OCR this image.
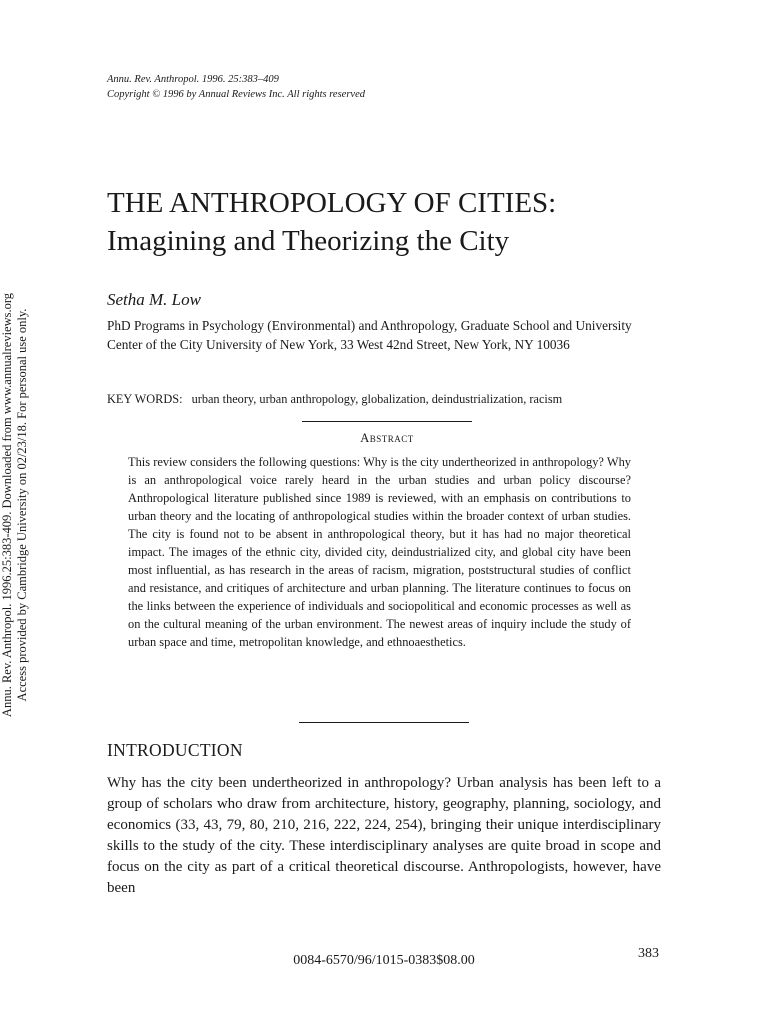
Annu. Rev. Anthropol. 1996.25:383-409. Downloaded from www.annualreviews.org Access provided by Cambridge University on 02/23/18. For personal use only.
Annu. Rev. Anthropol. 1996. 25:383–409
Copyright © 1996 by Annual Reviews Inc. All rights reserved
THE ANTHROPOLOGY OF CITIES:
Imagining and Theorizing the City
Setha M. Low
PhD Programs in Psychology (Environmental) and Anthropology, Graduate School and University Center of the City University of New York, 33 West 42nd Street, New York, NY 10036
KEY WORDS: urban theory, urban anthropology, globalization, deindustrialization, racism
Abstract
This review considers the following questions: Why is the city undertheorized in anthropology? Why is an anthropological voice rarely heard in the urban studies and urban policy discourse? Anthropological literature published since 1989 is reviewed, with an emphasis on contributions to urban theory and the locating of anthropological studies within the broader context of urban studies. The city is found not to be absent in anthropological theory, but it has had no major theoretical impact. The images of the ethnic city, divided city, deindustrialized city, and global city have been most influential, as has research in the areas of racism, migration, poststructural studies of conflict and resistance, and critiques of architecture and urban planning. The literature continues to focus on the links between the experience of individuals and sociopolitical and economic processes as well as on the cultural meaning of the urban environment. The newest areas of inquiry include the study of urban space and time, metropolitan knowledge, and ethnoaesthetics.
INTRODUCTION
Why has the city been undertheorized in anthropology? Urban analysis has been left to a group of scholars who draw from architecture, history, geography, planning, sociology, and economics (33, 43, 79, 80, 210, 216, 222, 224, 254), bringing their unique interdisciplinary skills to the study of the city. These interdisciplinary analyses are quite broad in scope and focus on the city as part of a critical theoretical discourse. Anthropologists, however, have been
0084-6570/96/1015-0383$08.00	383
